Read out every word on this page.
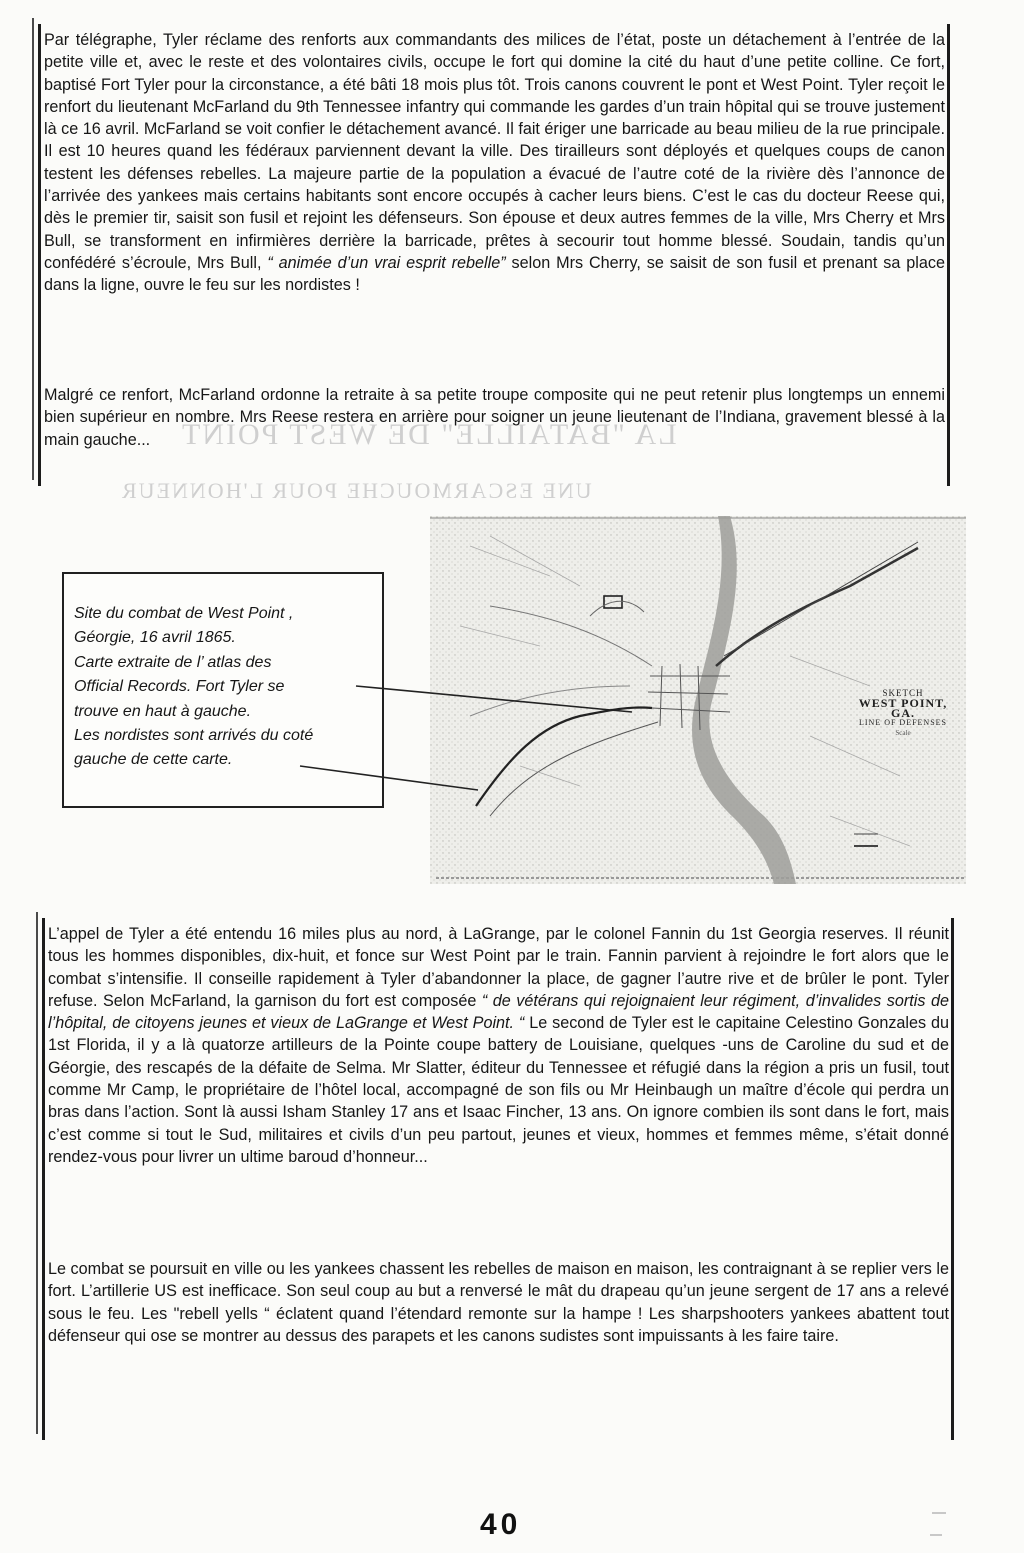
LA "BATAILLE" DE WEST POINT
UNE ESCARMOUCHE POUR L'HONNEUR

Par télégraphe, Tyler réclame des renforts aux commandants des milices de l’état, poste un détachement à l’entrée de la petite ville et, avec le reste et des volontaires civils, occupe le fort qui domine la cité du haut d’une petite colline. Ce fort, baptisé Fort Tyler pour la circonstance, a été bâti 18 mois plus tôt. Trois canons couvrent le pont et West Point. Tyler reçoit le renfort du lieutenant McFarland du 9th Tennessee infantry qui commande les gardes d’un train hôpital qui se trouve justement là ce 16 avril. McFarland se voit confier le détachement avancé. Il fait ériger une barricade au beau milieu de la rue principale. Il est 10 heures quand les fédéraux parviennent devant la ville. Des tirailleurs sont déployés et quelques coups de canon testent les défenses rebelles. La majeure partie de la population a évacué de l’autre coté de la rivière dès l’annonce de l’arrivée des yankees mais certains habitants sont encore occupés à cacher leurs biens. C’est le cas du docteur Reese qui, dès le premier tir, saisit son fusil et rejoint les défenseurs. Son épouse et deux autres femmes de la ville, Mrs Cherry et Mrs Bull, se transforment en infirmières derrière la barricade, prêtes à secourir tout homme blessé. Soudain, tandis qu’un confédéré s’écroule, Mrs Bull, “ animée d’un vrai esprit rebelle” selon Mrs Cherry, se saisit de son fusil et prenant sa place dans la ligne, ouvre le feu sur les nordistes !

Malgré ce renfort, McFarland ordonne la retraite à sa petite troupe composite qui ne peut retenir plus longtemps un ennemi bien supérieur en nombre. Mrs Reese restera en arrière pour soigner un jeune lieutenant de l’Indiana, gravement blessé à la main gauche...

SKETCH
WEST POINT, GA.
LINE OF DEFENSES
Scale

Site du combat de West Point ,
Géorgie, 16 avril 1865.
Carte extraite de l’ atlas des
Official Records. Fort Tyler se
trouve en haut à gauche.
Les nordistes sont arrivés du coté
gauche de cette carte.

L’appel de Tyler a été entendu 16 miles plus au nord, à LaGrange, par le colonel Fannin du 1st Georgia reserves. Il réunit tous les hommes disponibles, dix-huit, et fonce sur West Point par le train. Fannin parvient à rejoindre le fort alors que le combat s’intensifie. Il conseille rapidement à Tyler d’abandonner la place, de gagner l’autre rive et de brûler le pont. Tyler refuse. Selon McFarland, la garnison du fort est composée “ de vétérans qui rejoignaient leur régiment, d’invalides sortis de l’hôpital, de citoyens jeunes et vieux de LaGrange et West Point. “ Le second de Tyler est le capitaine Celestino Gonzales du 1st Florida, il y a là quatorze artilleurs de la Pointe coupe battery de Louisiane, quelques -uns de Caroline du sud et de Géorgie, des rescapés de la défaite de Selma. Mr Slatter, éditeur du Tennessee et réfugié dans la région a pris un fusil, tout comme Mr Camp, le propriétaire de l’hôtel local, accompagné de son fils ou Mr Heinbaugh un maître d’école qui perdra un bras dans l’action. Sont là aussi Isham Stanley 17 ans et Isaac Fincher, 13 ans. On ignore combien ils sont dans le fort, mais c’est comme si tout le Sud, militaires et civils d’un peu partout, jeunes et vieux, hommes et femmes même, s’était donné rendez-vous pour livrer un ultime baroud d’honneur...

Le combat se poursuit en ville ou les yankees chassent les rebelles de maison en maison, les contraignant à se replier vers le fort. L’artillerie US est inefficace. Son seul coup au but a renversé le mât du drapeau qu’un jeune sergent de 17 ans a relevé sous le feu. Les "rebell yells “ éclatent quand l’étendard remonte sur la hampe ! Les sharpshooters yankees abattent tout défenseur qui ose se montrer au dessus des parapets et les canons sudistes sont impuissants à les faire taire.

40
